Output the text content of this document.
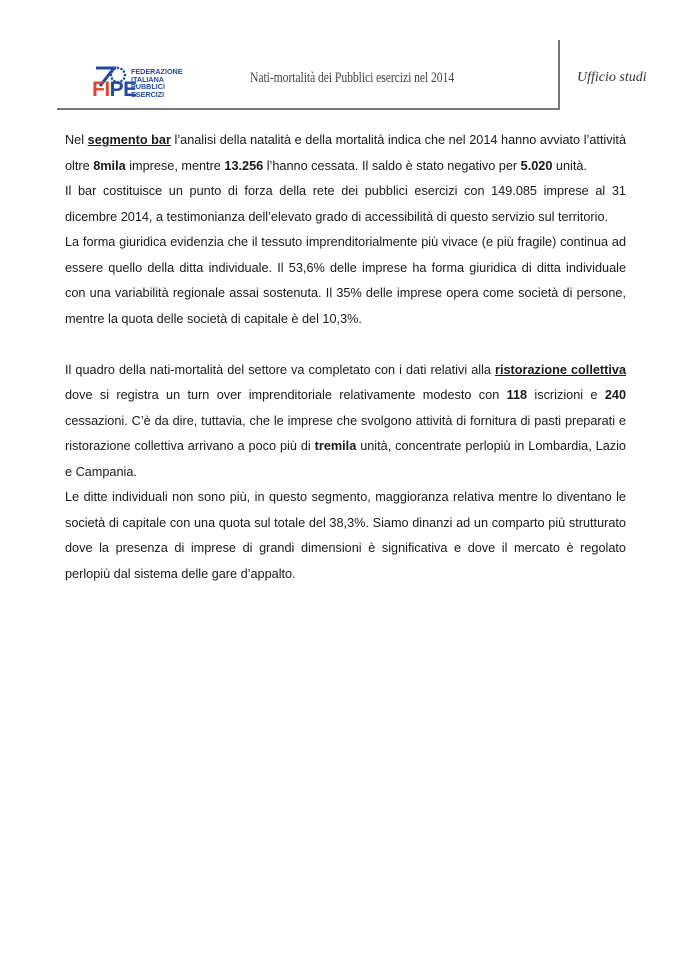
FIPE
FEDERAZIONE
ITALIANA
PUBBLICI
ESERCIZI
Nati-mortalità dei Pubblici esercizi nel 2014	Ufficio studi

Nel segmento bar l’analisi della natalità e della mortalità indica che nel 2014 hanno avviato l’attività oltre 8mila imprese, mentre 13.256 l’hanno cessata. Il saldo è stato negativo per 5.020 unità.

Il bar costituisce un punto di forza della rete dei pubblici esercizi con 149.085 imprese al 31 dicembre 2014, a testimonianza dell’elevato grado di accessibilità di questo servizio sul territorio.

La forma giuridica evidenzia che il tessuto imprenditorialmente più vivace (e più fragile) continua ad essere quello della ditta individuale. Il 53,6% delle imprese ha forma giuridica di ditta individuale con una variabilità regionale assai sostenuta. Il 35% delle imprese opera come società di persone, mentre la quota delle società di capitale è del 10,3%.

Il quadro della nati-mortalità del settore va completato con i dati relativi alla ristorazione collettiva dove si registra un turn over imprenditoriale relativamente modesto con 118 iscrizioni e 240 cessazioni. C’è da dire, tuttavia, che le imprese che svolgono attività di fornitura di pasti preparati e ristorazione collettiva arrivano a poco più di tremila unità, concentrate perlopiù in Lombardia, Lazio e Campania.

Le ditte individuali non sono più, in questo segmento, maggioranza relativa mentre lo diventano le società di capitale con una quota sul totale del 38,3%. Siamo dinanzi ad un comparto più strutturato dove la presenza di imprese di grandi dimensioni è significativa e dove il mercato è regolato perlopiù dal sistema delle gare d’appalto.
